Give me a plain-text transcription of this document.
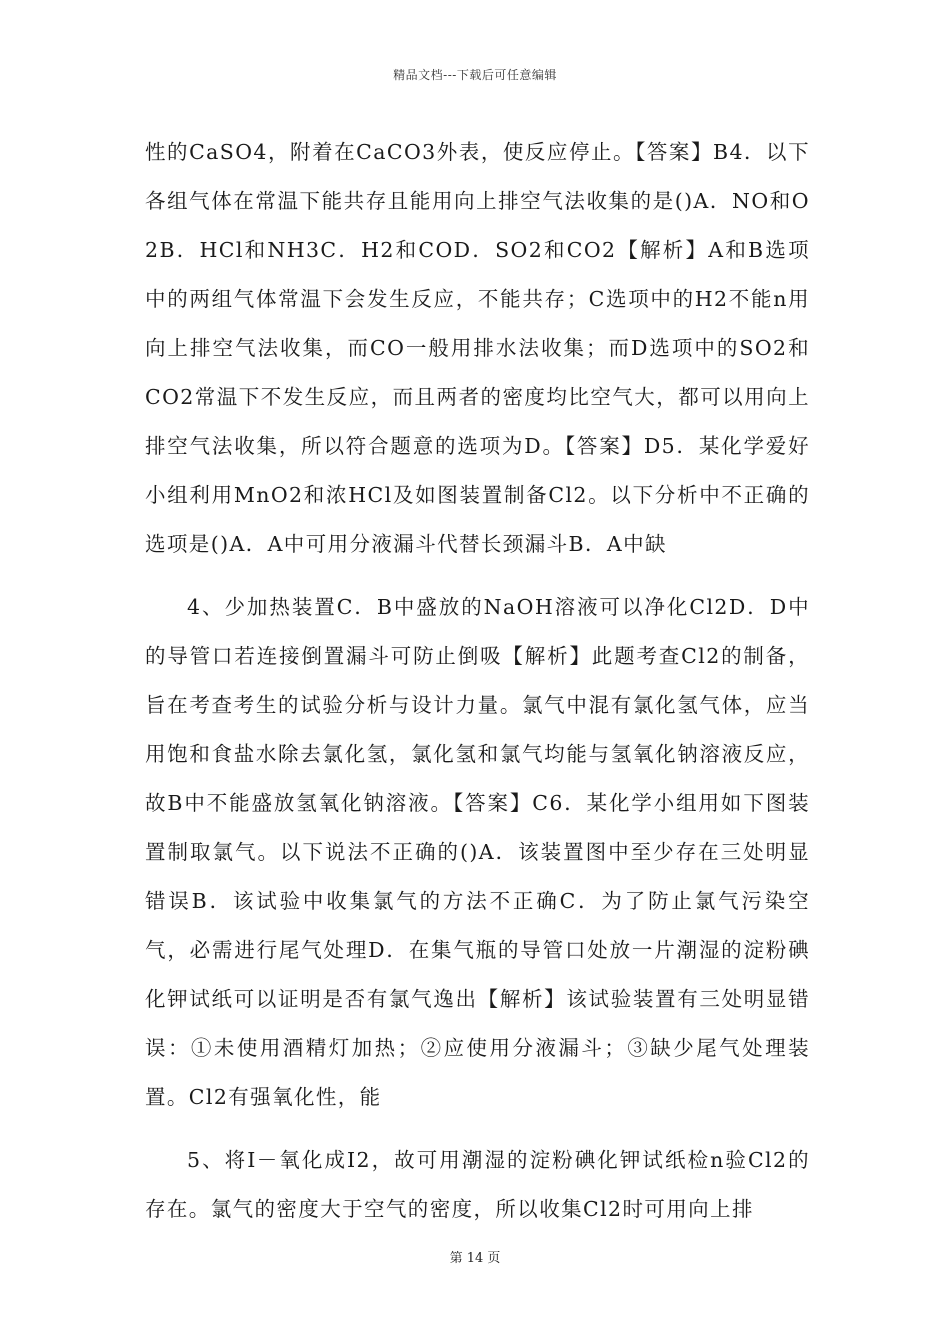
精品文档---下载后可任意编辑

性的CaSO4，附着在CaCO3外表，使反应停止。【答案】B4．以下各组气体在常温下能共存且能用向上排空气法收集的是()A．NO和O2B．HCl和NH3C．H2和COD．SO2和CO2【解析】A和B选项中的两组气体常温下会发生反应，不能共存；C选项中的H2不能n用向上排空气法收集，而CO一般用排水法收集；而D选项中的SO2和CO2常温下不发生反应，而且两者的密度均比空气大，都可以用向上排空气法收集，所以符合题意的选项为D。【答案】D5．某化学爱好小组利用MnO2和浓HCl及如图装置制备Cl2。以下分析中不正确的选项是()A．A中可用分液漏斗代替长颈漏斗B．A中缺

4、少加热装置C．B中盛放的NaOH溶液可以净化Cl2D．D中的导管口若连接倒置漏斗可防止倒吸【解析】此题考查Cl2的制备，旨在考查考生的试验分析与设计力量。氯气中混有氯化氢气体，应当用饱和食盐水除去氯化氢，氯化氢和氯气均能与氢氧化钠溶液反应，故B中不能盛放氢氧化钠溶液。【答案】C6．某化学小组用如下图装置制取氯气。以下说法不正确的()A．该装置图中至少存在三处明显错误B．该试验中收集氯气的方法不正确C．为了防止氯气污染空气，必需进行尾气处理D．在集气瓶的导管口处放一片潮湿的淀粉碘化钾试纸可以证明是否有氯气逸出【解析】该试验装置有三处明显错误：①未使用酒精灯加热；②应使用分液漏斗；③缺少尾气处理装置。Cl2有强氧化性，能

5、将I－氧化成I2，故可用潮湿的淀粉碘化钾试纸检n验Cl2的存在。氯气的密度大于空气的密度，所以收集Cl2时可用向上排

第 14 页
